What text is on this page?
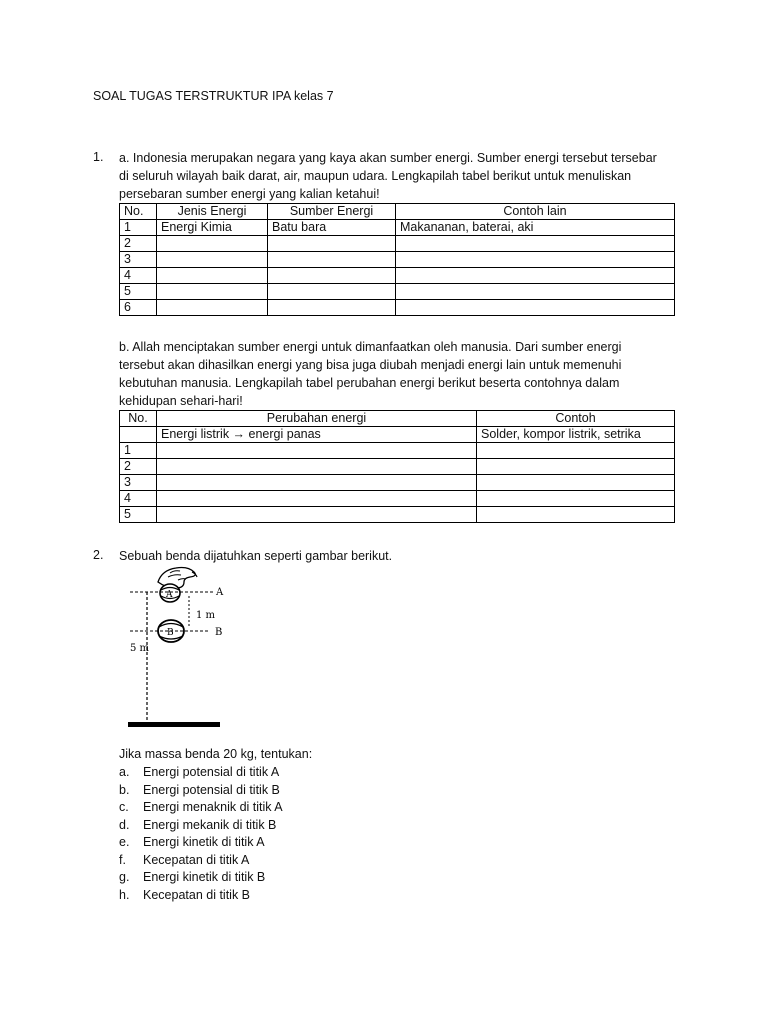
SOAL TUGAS TERSTRUKTUR IPA kelas 7
1. a. Indonesia merupakan negara yang kaya akan sumber energi. Sumber energi tersebut tersebar
di seluruh wilayah baik darat, air, maupun udara. Lengkapilah tabel berikut untuk menuliskan
persebaran sumber energi yang kalian ketahui!
No.	Jenis Energi	Sumber Energi	Contoh lain
1	Energi Kimia	Batu bara	Makananan, baterai, aki
2			
3			
4			
5			
6			
b. Allah menciptakan sumber energi untuk dimanfaatkan oleh manusia. Dari sumber energi
tersebut akan dihasilkan energi yang bisa juga diubah menjadi energi lain untuk memenuhi
kebutuhan manusia. Lengkapilah tabel perubahan energi berikut beserta contohnya dalam
kehidupan sehari-hari!
No.	Perubahan energi	Contoh
	Energi listrik → energi panas	Solder, kompor listrik, setrika
1		
2		
3		
4		
5		
2. Sebuah benda dijatuhkan seperti gambar berikut.
A	A
1 m
B	B
5 m
Jika massa benda 20 kg, tentukan:
a.	Energi potensial di titik A
b.	Energi potensial di titik B
c.	Energi menaknik di titik A
d.	Energi mekanik di titik B
e.	Energi kinetik di titik A
f.	Kecepatan di titik A
g.	Energi kinetik di titik B
h.	Kecepatan di titik B
